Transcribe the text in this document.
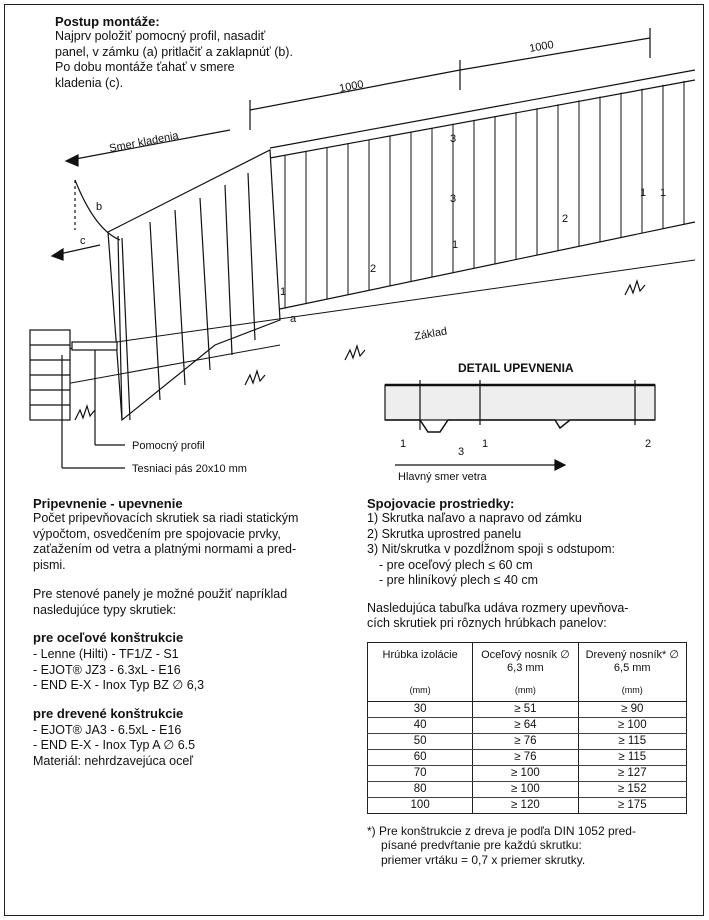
1000
1000
Smer kladenia
b
c
a
Základ
1
2
3
3
1
2
1 1
Pomocný profil
Tesniaci pás 20x10 mm
DETAIL UPEVNENIA
1
3
1	2
Hlavný smer vetra
Postup montáže:
Najprv položiť pomocný profil, nasadiť
panel, v zámku (a) pritlačiť a zaklapnúť (b).
Po dobu montáže ťahať v smere
kladenia (c).
Pripevnenie - upevnenie
Počet pripevňovacích skrutiek sa riadi statickým
výpočtom, osvedčením pre spojovacie prvky,
zaťažením od vetra a platnými normami a pred-
pismi.
Pre stenové panely je možné použiť napríklad
nasledujúce typy skrutiek:
pre oceľové konštrukcie
- Lenne (Hilti) - TF1/Z - S1
- EJOT® JZ3 - 6.3xL - E16
- END E-X - Inox Typ BZ ∅ 6,3
pre drevené konštrukcie
- EJOT® JA3 - 6.5xL - E16
- END E-X - Inox Typ A ∅ 6.5
Materiál: nehrdzavejúca oceľ
Spojovacie prostriedky:
1) Skrutka naľavo a napravo od zámku
2) Skrutka uprostred panelu
3) Nit/skrutka v pozdĺžnom spoji s odstupom:
- pre oceľový plech ≤ 60 cm
- pre hliníkový plech ≤ 40 cm
Nasledujúca tabuľka udáva rozmery upevňova-
cích skrutiek pri rôznych hrúbkach panelov:
Hrúbka izolácie	Oceľový nosník ∅ 6,3 mm	Drevený nosník* ∅ 6,5 mm
(mm)	(mm)	(mm)
30	≥ 51	≥ 90
40	≥ 64	≥ 100
50	≥ 76	≥ 115
60	≥ 76	≥ 115
70	≥ 100	≥ 127
80	≥ 100	≥ 152
100	≥ 120	≥ 175
*) Pre konštrukcie z dreva je podľa DIN 1052 pred-
písané predvŕtanie pre každú skrutku:
priemer vrtáku = 0,7 x priemer skrutky.
